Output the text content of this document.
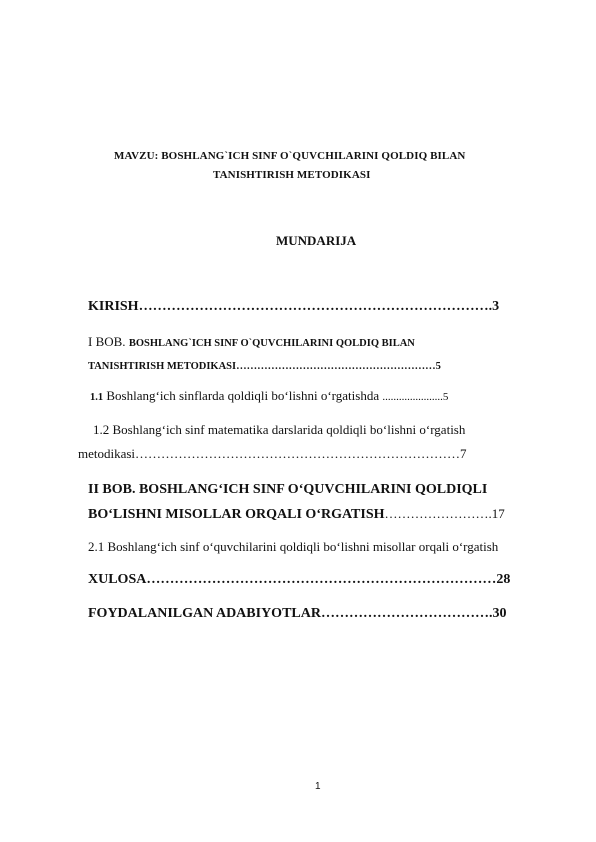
MAVZU: BOSHLANG`ICH SINF O`QUVCHILARINI QOLDIQ BILAN
TANISHTIRISH METODIKASI
MUNDARIJA
KIRISH………………………………………………………………….3
I BOB. BOSHLANG`ICH SINF O`QUVCHILARINI QOLDIQ BILAN
TANISHTIRISH METODIKASI…………………………………………………5
1.1 Boshlang‘ich sinflarda qoldiqli bo‘lishni o‘rgatishda ......................5
1.2 Boshlang‘ich sinf matematika darslarida qoldiqli bo‘lishni o‘rgatish
metodikasi…………………………………………………………………7
II BOB. BOSHLANG‘ICH SINF O‘QUVCHILARINI QOLDIQLI
BO‘LISHNI MISOLLAR ORQALI O‘RGATISH…………………….17
2.1 Boshlang‘ich sinf o‘quvchilarini qoldiqli bo‘lishni misollar orqali o‘rgatish
XULOSA…………………………………………………………………28
FOYDALANILGAN ADABIYOTLAR……………………………….30
1
